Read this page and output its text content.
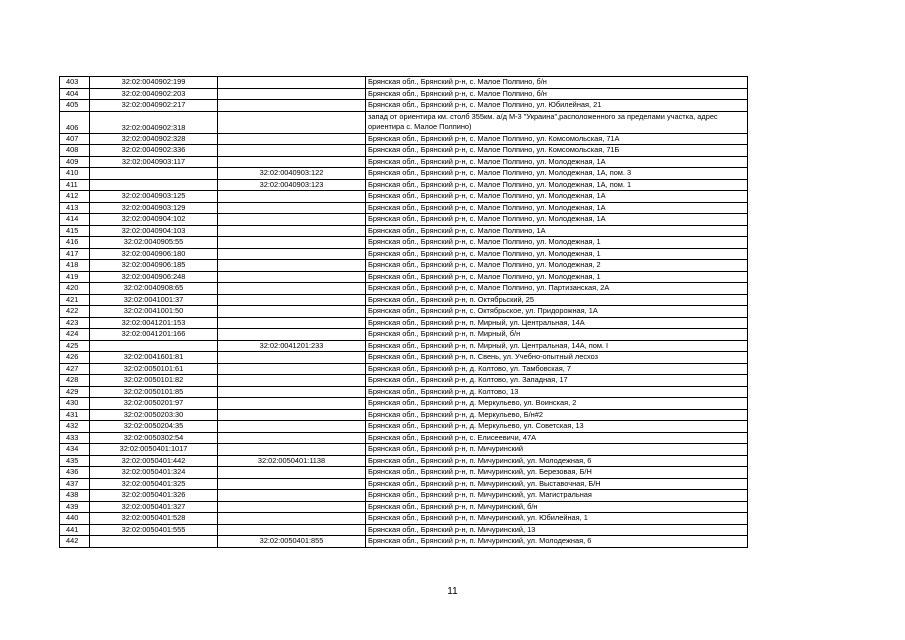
403	32:02:0040902:199		Брянская обл., Брянский р-н, с. Малое Полпино, б/н
404	32:02:0040902:203		Брянская обл., Брянский р-н, с. Малое Полпино, б/н
405	32:02:0040902:217		Брянская обл., Брянский р-н, с. Малое Полпино, ул. Юбилейная, 21
406	32:02:0040902:318		запад от ориентира км. столб 355км. а/д М-3 "Украина",расположенного за пределами участка, адрес ориентира с. Малое Полпино)
407	32:02:0040902:328		Брянская обл., Брянский р-н, с. Малое Полпино, ул. Комсомольская, 71А
408	32:02:0040902:336		Брянская обл., Брянский р-н, с. Малое Полпино, ул. Комсомольская, 71Б
409	32:02:0040903:117		Брянская обл., Брянский р-н, с. Малое Полпино, ул. Молодежная, 1А
410		32:02:0040903:122	Брянская обл., Брянский р-н, с. Малое Полпино, ул. Молодежная, 1А, пом. 3
411		32:02:0040903:123	Брянская обл., Брянский р-н, с. Малое Полпино, ул. Молодежная, 1А, пом. 1
412	32:02:0040903:125		Брянская обл., Брянский р-н, с. Малое Полпино, ул. Молодежная, 1А
413	32:02:0040903:129		Брянская обл., Брянский р-н, с. Малое Полпино, ул. Молодежная, 1А
414	32:02:0040904:102		Брянская обл., Брянский р-н, с. Малое Полпино, ул. Молодежная, 1А
415	32:02:0040904:103		Брянская обл., Брянский р-н, с. Малое Полпино, 1А
416	32:02:0040905:55		Брянская обл., Брянский р-н, с. Малое Полпино, ул. Молодежная, 1
417	32:02:0040906:180		Брянская обл., Брянский р-н, с. Малое Полпино, ул. Молодежная, 1
418	32:02:0040906:185		Брянская обл., Брянский р-н, с. Малое Полпино, ул. Молодежная, 2
419	32:02:0040906:248		Брянская обл., Брянский р-н, с. Малое Полпино, ул. Молодежная, 1
420	32:02:0040908:65		Брянская обл., Брянский р-н, с. Малое Полпино, ул. Партизанская, 2А
421	32:02:0041001:37		Брянская обл., Брянский р-н, п. Октябрьский, 25
422	32:02:0041001:50		Брянская обл., Брянский р-н, с. Октябрьское, ул. Придорожная, 1А
423	32:02:0041201:153		Брянская обл., Брянский р-н, п. Мирный, ул. Центральная, 14А
424	32:02:0041201:166		Брянская обл., Брянский р-н, п. Мирный, б/н
425		32:02:0041201:233	Брянская обл., Брянский р-н, п. Мирный, ул. Центральная, 14А, пом. I
426	32:02:0041601:81		Брянская обл., Брянский р-н, п. Свень, ул. Учебно-опытный лесхоз
427	32:02:0050101:61		Брянская обл., Брянский р-н, д. Колтово, ул. Тамбовская, 7
428	32:02:0050101:82		Брянская обл., Брянский р-н, д. Колтово, ул. Западная, 17
429	32:02:0050101:85		Брянская обл., Брянский р-н, д. Колтово, 13
430	32:02:0050201:97		Брянская обл., Брянский р-н, д. Меркульево, ул. Воинская, 2
431	32:02:0050203:30		Брянская обл., Брянский р-н, д. Меркульево, Б/н#2
432	32:02:0050204:35		Брянская обл., Брянский р-н, д. Меркульево, ул. Советская, 13
433	32:02:0050302:54		Брянская обл., Брянский р-н, с. Елисеевичи, 47А
434	32:02:0050401:1017		Брянская обл., Брянский р-н, п. Мичуринский
435	32:02:0050401:442	32:02:0050401:1138	Брянская обл., Брянский р-н, п. Мичуринский, ул. Молодежная, 6
436	32:02:0050401:324		Брянская обл., Брянский р-н, п. Мичуринский, ул. Березовая, Б/Н
437	32:02:0050401:325		Брянская обл., Брянский р-н, п. Мичуринский, ул. Выставочная, Б/Н
438	32:02:0050401:326		Брянская обл., Брянский р-н, п. Мичуринский, ул. Магистральная
439	32:02:0050401:327		Брянская обл., Брянский р-н, п. Мичуринский, б/н
440	32:02:0050401:528		Брянская обл., Брянский р-н, п. Мичуринский, ул. Юбилейная, 1
441	32:02:0050401:555		Брянская обл., Брянский р-н, п. Мичуринский, 13
442		32:02:0050401:855	Брянская обл., Брянский р-н, п. Мичуринский, ул. Молодежная, 6
11
